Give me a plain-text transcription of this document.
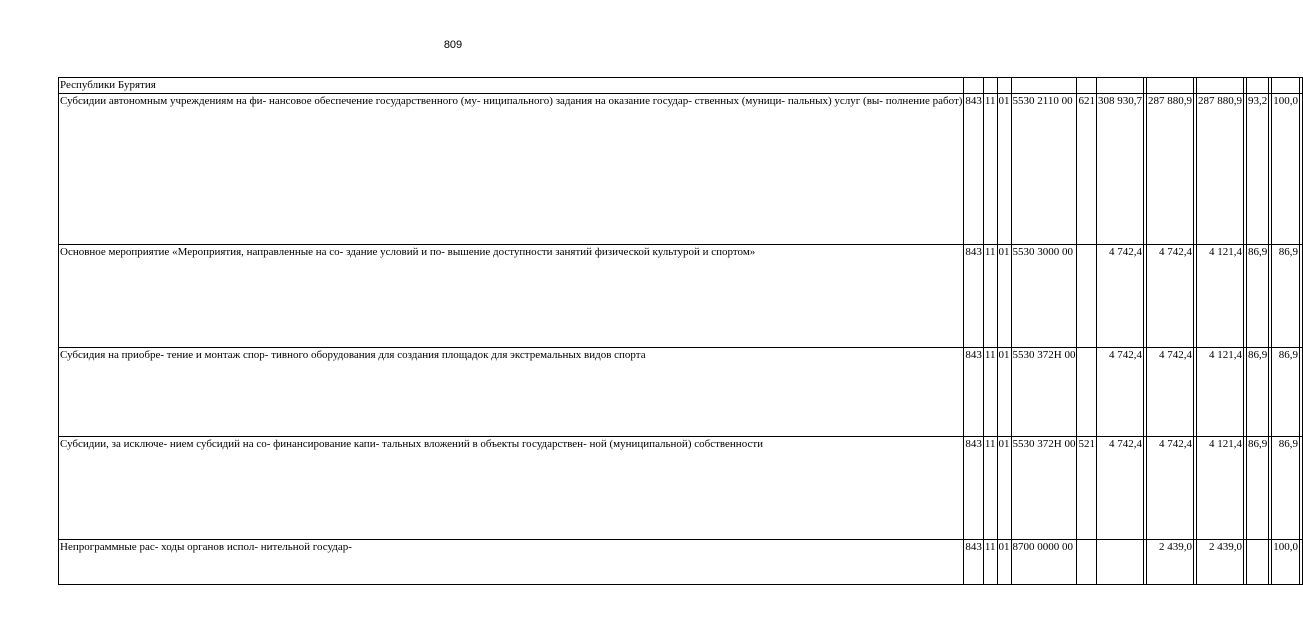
809
Республики Бурятия															
Субсидии автономным учреждениям на фи- нансовое обеспечение государственного (му- ниципального) задания на оказание государ- ственных (муници- пальных) услуг (вы- полнение работ)	843	11	01	5530 2110 00	621	308 930,7		287 880,9		287 880,9		93,2		100,0	
Основное мероприятие «Мероприятия, направленные на со- здание условий и по- вышение доступности занятий физической культурой и спортом»	843	11	01	5530 3000 00		4 742,4		4 742,4		4 121,4		86,9		86,9	
Субсидия на приобре- тение и монтаж спор- тивного оборудования для создания площадок для экстремальных видов спорта	843	11	01	5530 372Н 00		4 742,4		4 742,4		4 121,4		86,9		86,9	
Субсидии, за исключе- нием субсидий на со- финансирование капи- тальных вложений в объекты государствен- ной (муниципальной) собственности	843	11	01	5530 372Н 00	521	4 742,4		4 742,4		4 121,4		86,9		86,9	
Непрограммные рас- ходы органов испол- нительной государ-	843	11	01	8700 0000 00				2 439,0		2 439,0				100,0	
